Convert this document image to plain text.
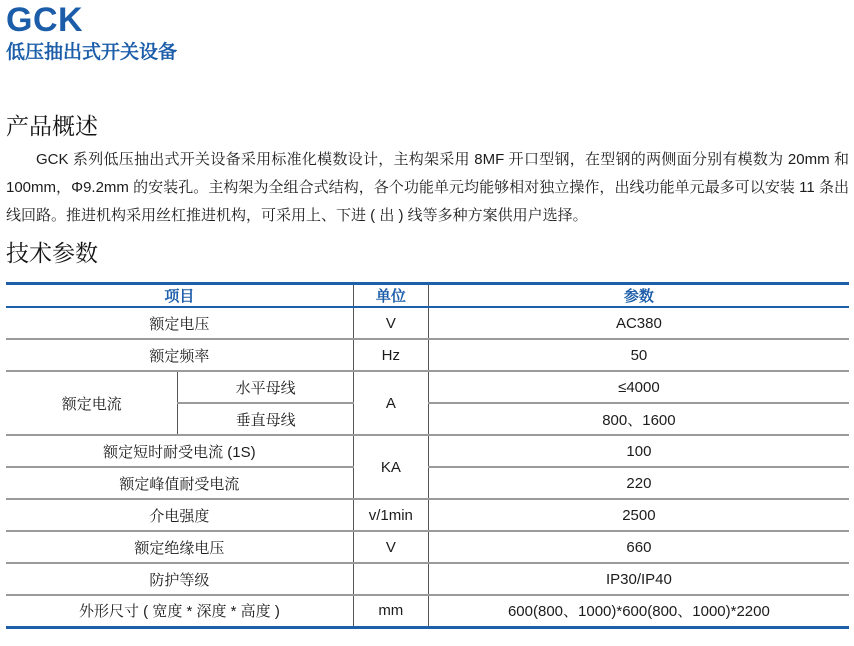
GCK
低压抽出式开关设备
产品概述

GCK 系列低压抽出式开关设备采用标准化模数设计，主构架采用 8MF 开口型钢，在型钢的两侧面分别有模数为 20mm 和 100mm，Φ9.2mm 的安装孔。主构架为全组合式结构，各个功能单元均能够相对独立操作，出线功能单元最多可以安装 11 条出线回路。推进机构采用丝杠推进机构，可采用上、下进 ( 出 ) 线等多种方案供用户选择。

技术参数
项目		单位	参数
额定电压		V	AC380
额定频率		Hz	50
额定电流	水平母线	A	≤4000
	垂直母线		800、1600
额定短时耐受电流 (1S)		KA	100
额定峰值耐受电流			220
介电强度		v/1min	2500
额定绝缘电压		V	660
防护等级			IP30/IP40
外形尺寸 ( 宽度 * 深度 * 高度 )		mm	600(800、1000)*600(800、1000)*2200
